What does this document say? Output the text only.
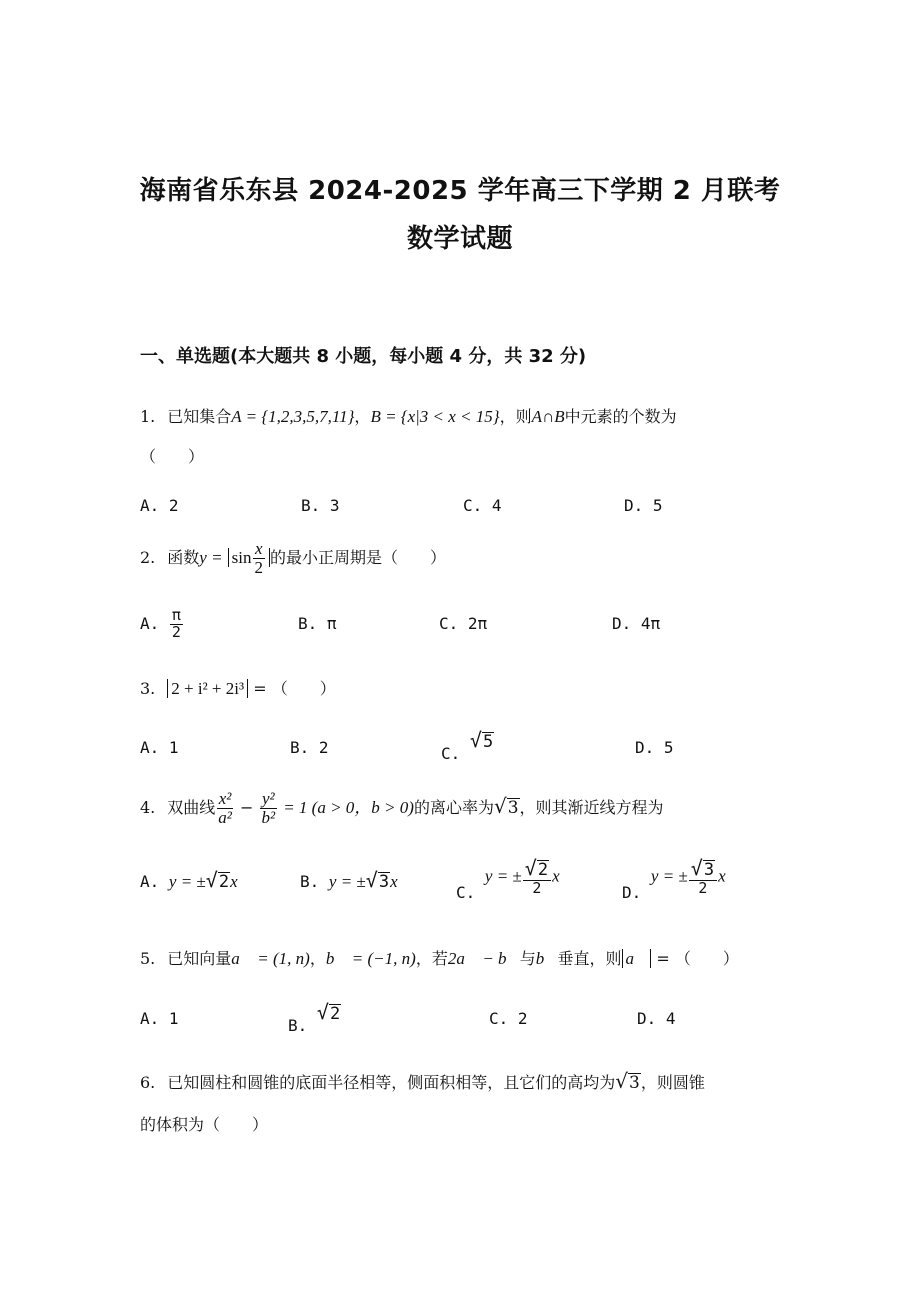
海南省乐东县 2024-2025 学年高三下学期 2 月联考
数学试题
一、单选题(本大题共 8 小题，每小题 4 分，共 32 分)
1. 已知集合A = {1,2,3,5,7,11}，B = {x|3 < x < 15}，则A∩B中元素的个数为
（　　）
A. 2	B. 3	C. 4	D. 5
2. 函数$y = \sin \frac{x}{2}$ 的最小正周期是（　　）
A. $\frac{\pi}{2}$	B. π	C. 2π	D. 4π
3. 2 + i² + 2i³ = （　　）
A. 1	B. 2	C.
√ 5	D. 5
4. 双曲线 $\frac{\text{x²}}{\text{a²}} - \frac{\text{y²}}{\text{b²}} = 1$ (a > 0，b > 0)的离心率为 √ 3 ，则其渐近线方程为
A. y = ± √ 2 x	B. y = ± √ 3 x
C. y = ± $\frac{√ 2}{2}$ x
D. y = ± $\frac{√ 3}{2}$ x
5. 已知向量a⃗ = (1, n)，b⃗ = (−1, n)，若2a⃗ − b⃗与b⃗垂直，则 a⃗ = （　　）
A. 1	B.
√ 2	C. 2	D. 4
6. 已知圆柱和圆锥的底面半径相等，侧面积相等，且它们的高均为 √ 3 ，则圆锥
的体积为（　　）
